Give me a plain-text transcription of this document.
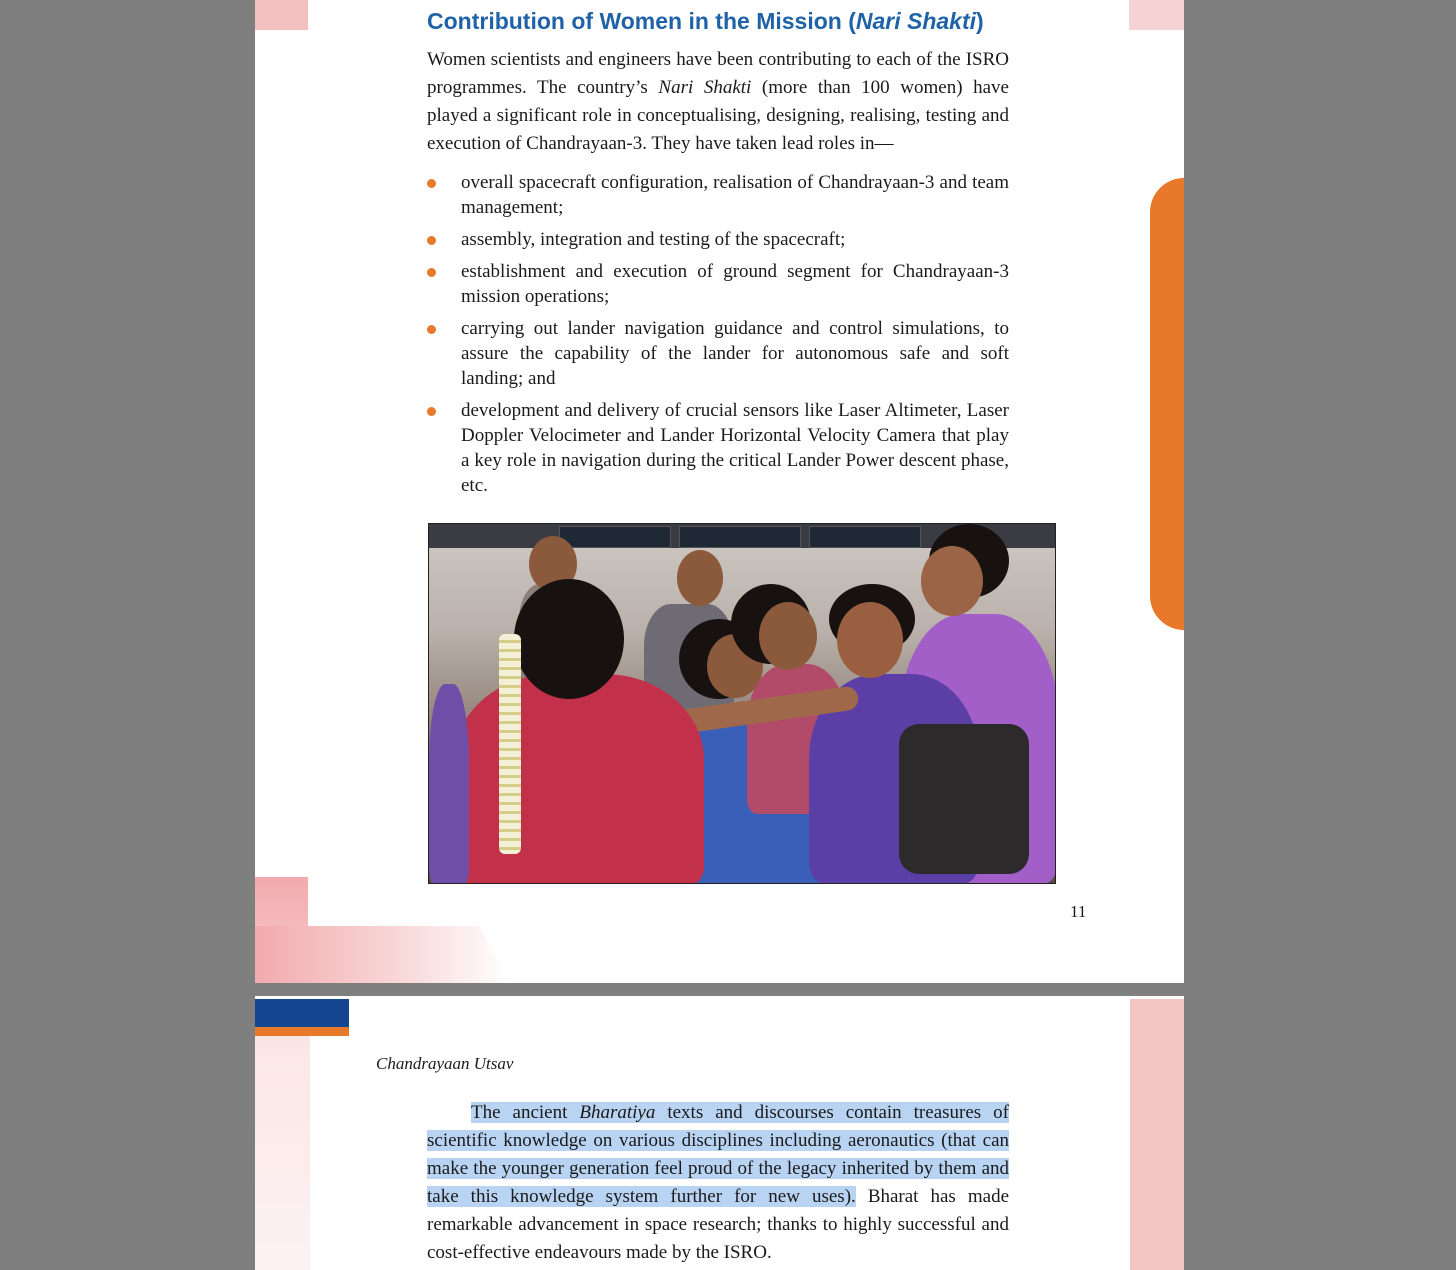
Contribution of Women in the Mission (Nari Shakti)
Women scientists and engineers have been contributing to each of the ISRO programmes. The country’s Nari Shakti (more than 100 women) have played a significant role in conceptualising, designing, realising, testing and execution of Chandrayaan-3. They have taken lead roles in—
overall spacecraft configuration, realisation of Chandrayaan-3 and team management;
assembly, integration and testing of the spacecraft;
establishment and execution of ground segment for Chandrayaan-3 mission operations;
carrying out lander navigation guidance and control simulations, to assure the capability of the lander for autonomous safe and soft landing; and
development and delivery of crucial sensors like Laser Altimeter, Laser Doppler Velocimeter and Lander Horizontal Velocity Camera that play a key role in navigation during the critical Lander Power descent phase, etc.
11
Chandrayaan Utsav
The ancient Bharatiya texts and discourses contain treasures of scientific knowledge on various disciplines including aeronautics (that can make the younger generation feel proud of the legacy inherited by them and take this knowledge system further for new uses). Bharat has made remarkable advancement in space research; thanks to highly successful and cost-effective endeavours made by the ISRO.
